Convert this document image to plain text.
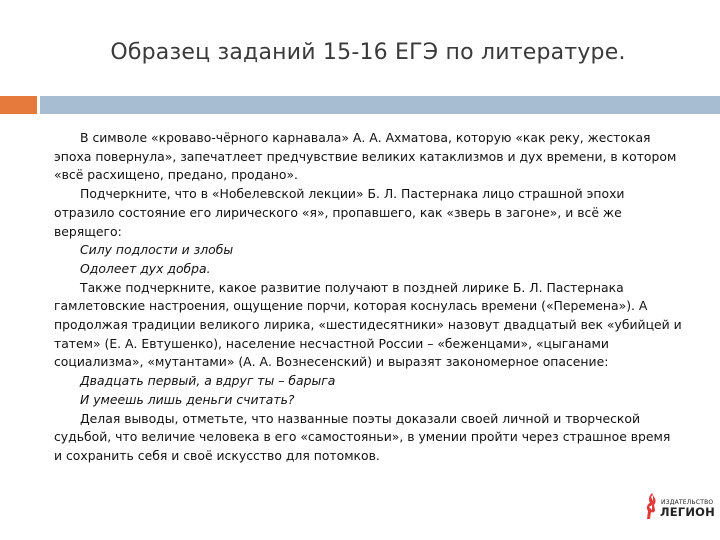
Образец заданий 15-16 ЕГЭ по литературе.

В символе «кроваво-чёрного карнавала» А. А. Ахматова, которую «как реку, жестокая эпоха повернула», запечатлеет предчувствие великих катаклизмов и дух времени, в котором «всё расхищено, предано, продано».

Подчеркните, что в «Нобелевской лекции» Б. Л. Пастернака лицо страшной эпохи отразило состояние его лирического «я», пропавшего, как «зверь в загоне», и всё же верящего:

Силу подлости и злобы

Одолеет дух добра.

Также подчеркните, какое развитие получают в поздней лирике Б. Л. Пастернака гамлетовские настроения, ощущение порчи, которая коснулась времени («Перемена»). А продолжая традиции великого лирика, «шестидесятники» назовут двадцатый век «убийцей и татем» (Е. А. Евтушенко), население несчастной России – «беженцами», «цыганами социализма», «мутантами» (А. А. Вознесенский) и выразят закономерное опасение:

Двадцать первый, а вдруг ты – барыга

И умеешь лишь деньги считать?

Делая выводы, отметьте, что названные поэты доказали своей личной и творческой судьбой, что величие человека в его «самостояньи», в умении пройти через страшное время и сохранить себя и своё искусство для потомков.

ИЗДАТЕЛЬСТВО
ЛЕГИОН
